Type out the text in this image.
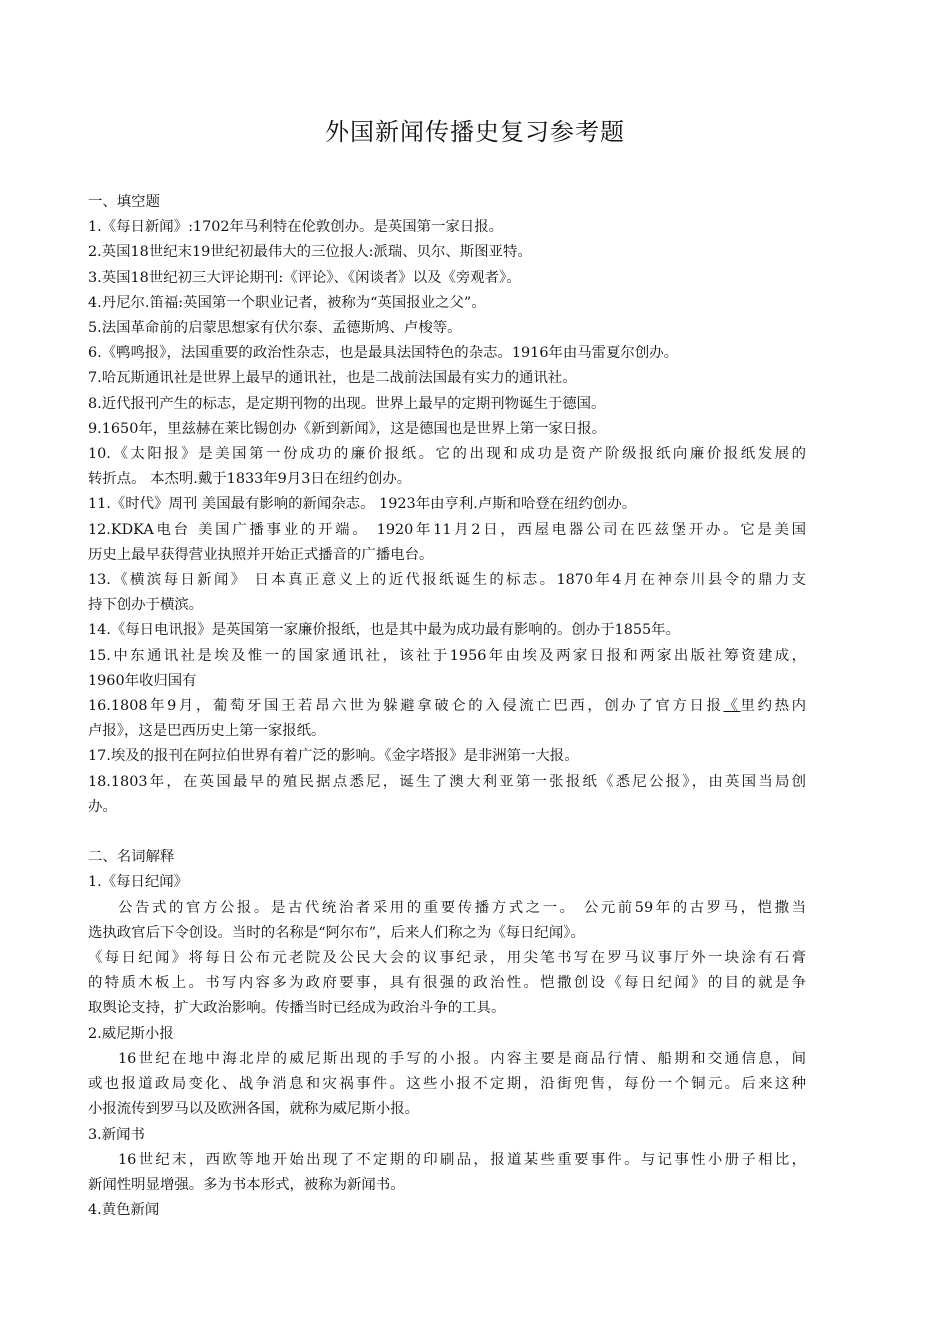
外国新闻传播史复习参考题
一、填空题
1.《每日新闻》:1702年马利特在伦敦创办。是英国第一家日报。
2.英国18世纪末19世纪初最伟大的三位报人:派瑞、贝尔、斯图亚特。
3.英国18世纪初三大评论期刊:《评论》、《闲谈者》以及《旁观者》。
4.丹尼尔.笛福:英国第一个职业记者，被称为“英国报业之父”。
5.法国革命前的启蒙思想家有伏尔泰、孟德斯鸠、卢梭等。
6.《鸭鸣报》，法国重要的政治性杂志，也是最具法国特色的杂志。1916年由马雷夏尔创办。
7.哈瓦斯通讯社是世界上最早的通讯社，也是二战前法国最有实力的通讯社。
8.近代报刊产生的标志，是定期刊物的出现。世界上最早的定期刊物诞生于德国。
9.1650年，里兹赫在莱比锡创办《新到新闻》，这是德国也是世界上第一家日报。
10.《太阳报》是美国第一份成功的廉价报纸。它的出现和成功是资产阶级报纸向廉价报纸发展的
转折点。 本杰明.戴于1833年9月3日在纽约创办。
11.《时代》周刊 美国最有影响的新闻杂志。 1923年由亨利.卢斯和哈登在纽约创办。
12.KDKA电台 美国广播事业的开端。 1920年11月2日，西屋电器公司在匹兹堡开办。它是美国
历史上最早获得营业执照并开始正式播音的广播电台。
13.《横滨每日新闻》 日本真正意义上的近代报纸诞生的标志。1870年4月在神奈川县令的鼎力支
持下创办于横滨。
14.《每日电讯报》是英国第一家廉价报纸，也是其中最为成功最有影响的。创办于1855年。
15.中东通讯社是埃及惟一的国家通讯社，该社于1956年由埃及两家日报和两家出版社筹资建成，
1960年收归国有
16.1808年9月，葡萄牙国王若昂六世为躲避拿破仑的入侵流亡巴西，创办了官方日报《里约热内
卢报》，这是巴西历史上第一家报纸。
17.埃及的报刊在阿拉伯世界有着广泛的影响。《金字塔报》是非洲第一大报。
18.1803年，在英国最早的殖民据点悉尼，诞生了澳大利亚第一张报纸《悉尼公报》，由英国当局创
办。
二、名词解释
1.《每日纪闻》
公告式的官方公报。是古代统治者采用的重要传播方式之一。 公元前59年的古罗马，恺撒当
选执政官后下令创设。当时的名称是“阿尔布”，后来人们称之为《每日纪闻》。
《每日纪闻》将每日公布元老院及公民大会的议事纪录，用尖笔书写在罗马议事厅外一块涂有石膏
的特质木板上。书写内容多为政府要事，具有很强的政治性。恺撒创设《每日纪闻》的目的就是争
取舆论支持，扩大政治影响。传播当时已经成为政治斗争的工具。
2.威尼斯小报
16世纪在地中海北岸的威尼斯出现的手写的小报。内容主要是商品行情、船期和交通信息，间
或也报道政局变化、战争消息和灾祸事件。这些小报不定期，沿街兜售，每份一个铜元。后来这种
小报流传到罗马以及欧洲各国，就称为威尼斯小报。
3.新闻书
16世纪末，西欧等地开始出现了不定期的印刷品，报道某些重要事件。与记事性小册子相比，
新闻性明显增强。多为书本形式，被称为新闻书。
4.黄色新闻
